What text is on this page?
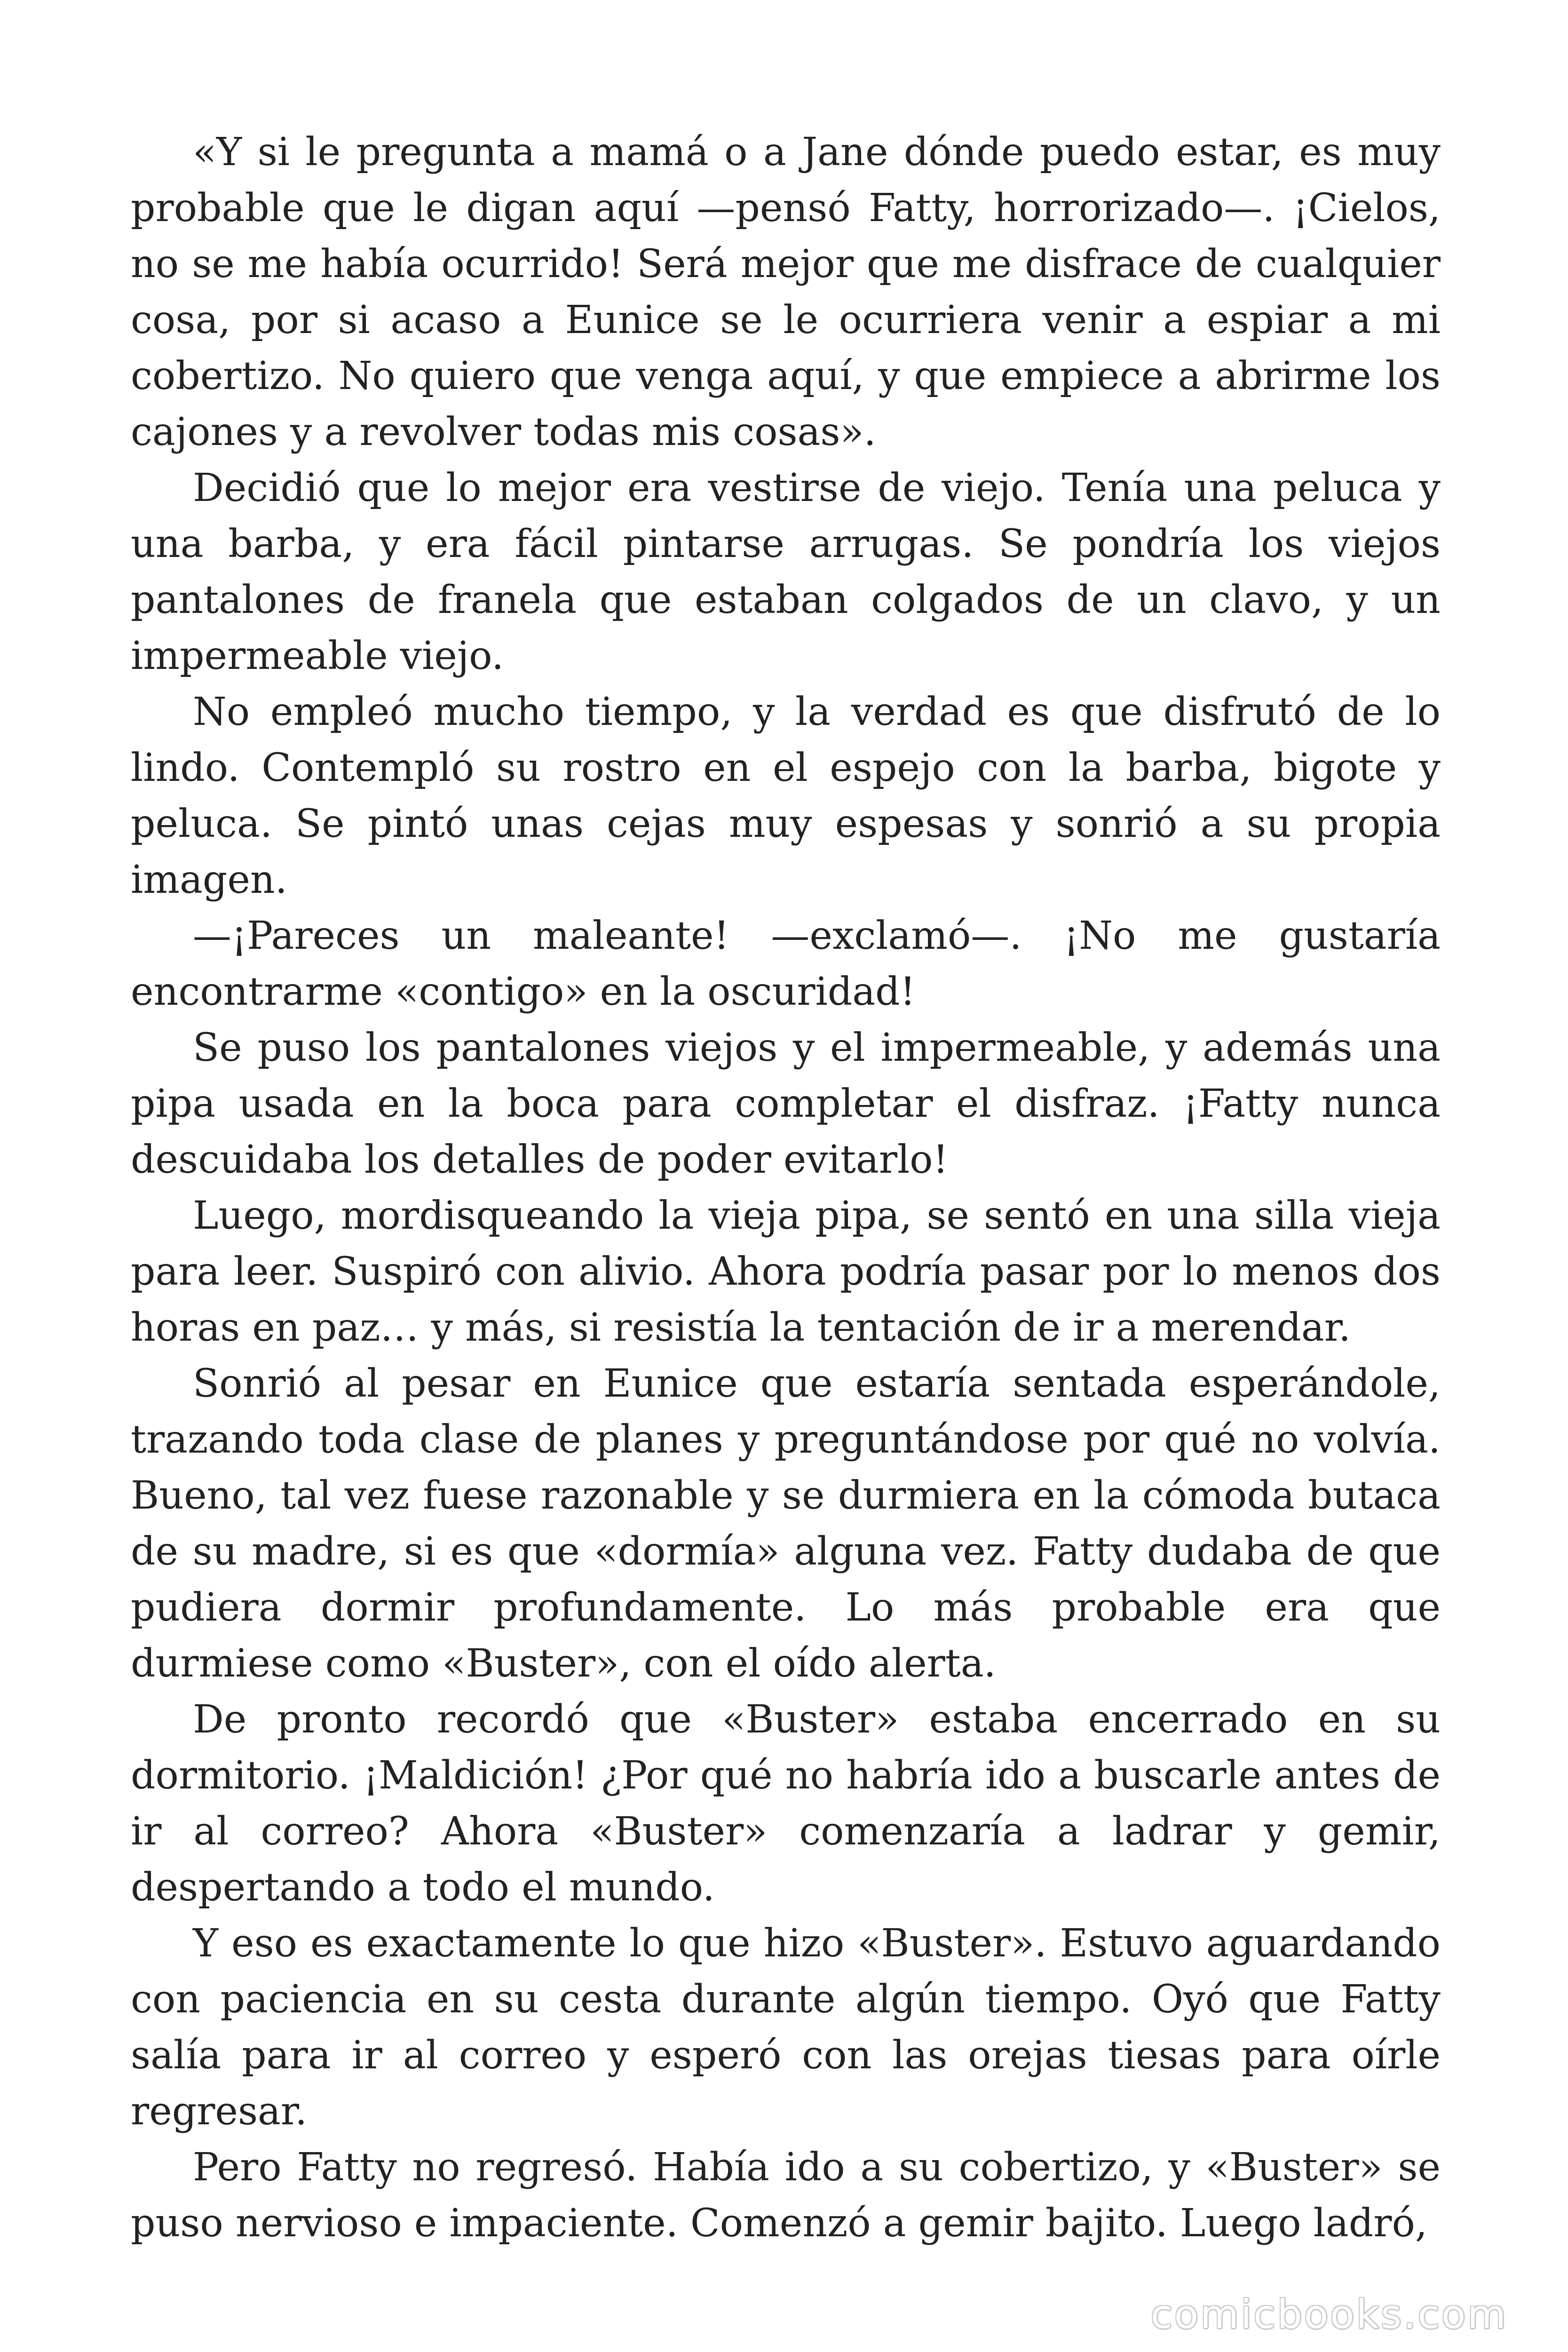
«Y si le pregunta a mamá o a Jane dónde puedo estar, es muy probable que le digan aquí —pensó Fatty, horrorizado—. ¡Cielos, no se me había ocurrido! Será mejor que me disfrace de cualquier cosa, por si acaso a Eunice se le ocurriera venir a espiar a mi cobertizo. No quiero que venga aquí, y que empiece a abrirme los cajones y a revolver todas mis cosas».

Decidió que lo mejor era vestirse de viejo. Tenía una peluca y una barba, y era fácil pintarse arrugas. Se pondría los viejos pantalones de franela que estaban colgados de un clavo, y un impermeable viejo.

No empleó mucho tiempo, y la verdad es que disfrutó de lo lindo. Contempló su rostro en el espejo con la barba, bigote y peluca. Se pintó unas cejas muy espesas y sonrió a su propia imagen.

—¡Pareces un maleante! —exclamó—. ¡No me gustaría encontrarme «contigo» en la oscuridad!

Se puso los pantalones viejos y el impermeable, y además una pipa usada en la boca para completar el disfraz. ¡Fatty nunca descuidaba los detalles de poder evitarlo!

Luego, mordisqueando la vieja pipa, se sentó en una silla vieja para leer. Suspiró con alivio. Ahora podría pasar por lo menos dos horas en paz… y más, si resistía la tentación de ir a merendar.

Sonrió al pesar en Eunice que estaría sentada esperándole, trazando toda clase de planes y preguntándose por qué no volvía. Bueno, tal vez fuese razonable y se durmiera en la cómoda butaca de su madre, si es que «dormía» alguna vez. Fatty dudaba de que pudiera dormir profundamente. Lo más probable era que durmiese como «Buster», con el oído alerta.

De pronto recordó que «Buster» estaba encerrado en su dormitorio. ¡Maldición! ¿Por qué no habría ido a buscarle antes de ir al correo? Ahora «Buster» comenzaría a ladrar y gemir, despertando a todo el mundo.

Y eso es exactamente lo que hizo «Buster». Estuvo aguardando con paciencia en su cesta durante algún tiempo. Oyó que Fatty salía para ir al correo y esperó con las orejas tiesas para oírle regresar.

Pero Fatty no regresó. Había ido a su cobertizo, y «Buster» se puso nervioso e impaciente. Comenzó a gemir bajito. Luego ladró,

comicbooks.com
